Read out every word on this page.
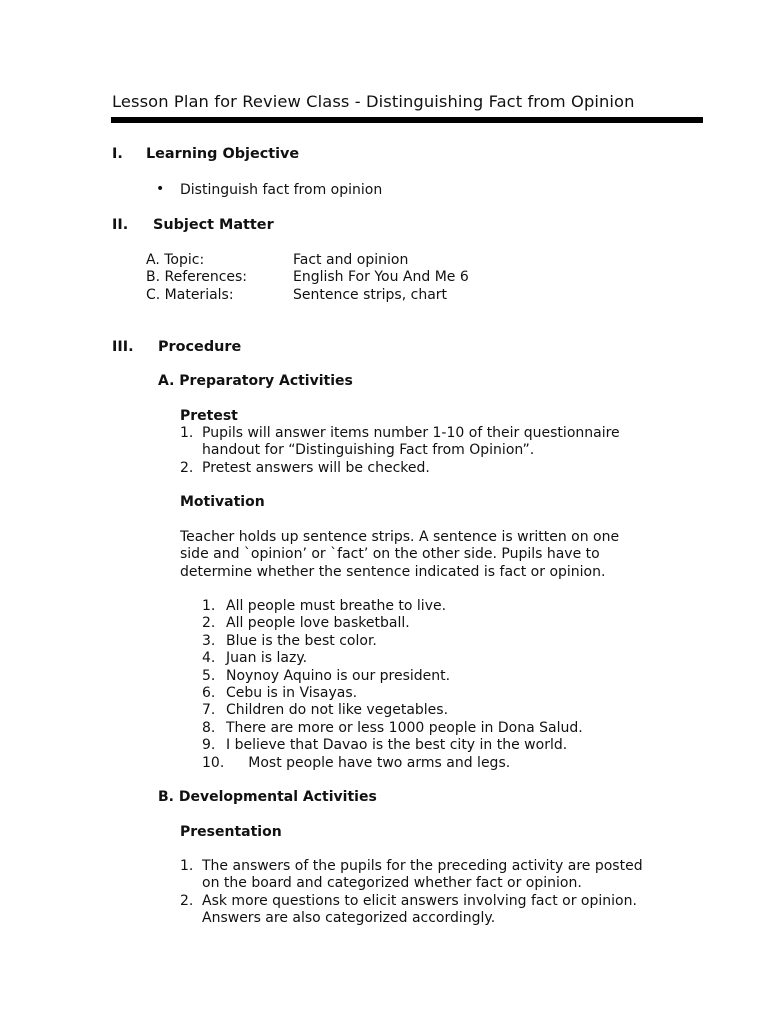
Lesson Plan for Review Class - Distinguishing Fact from Opinion
I. Learning Objective
• Distinguish fact from opinion
II. Subject Matter
A. Topic:	Fact and opinion
B. References:	English For You And Me 6
C. Materials:	Sentence strips, chart
III. Procedure
A. Preparatory Activities
Pretest
1. Pupils will answer items number 1-10 of their questionnaire handout for “Distinguishing Fact from Opinion”.
2. Pretest answers will be checked.
Motivation

Teacher holds up sentence strips. A sentence is written on one side and `opinion’ or `fact’ on the other side. Pupils have to determine whether the sentence indicated is fact or opinion.

1. All people must breathe to live.
2. All people love basketball.
3. Blue is the best color.
4. Juan is lazy.
5. Noynoy Aquino is our president.
6. Cebu is in Visayas.
7. Children do not like vegetables.
8. There are more or less 1000 people in Dona Salud.
9. I believe that Davao is the best city in the world.
10. Most people have two arms and legs.
B. Developmental Activities
Presentation
1. The answers of the pupils for the preceding activity are posted on the board and categorized whether fact or opinion.
2. Ask more questions to elicit answers involving fact or opinion. Answers are also categorized accordingly.
